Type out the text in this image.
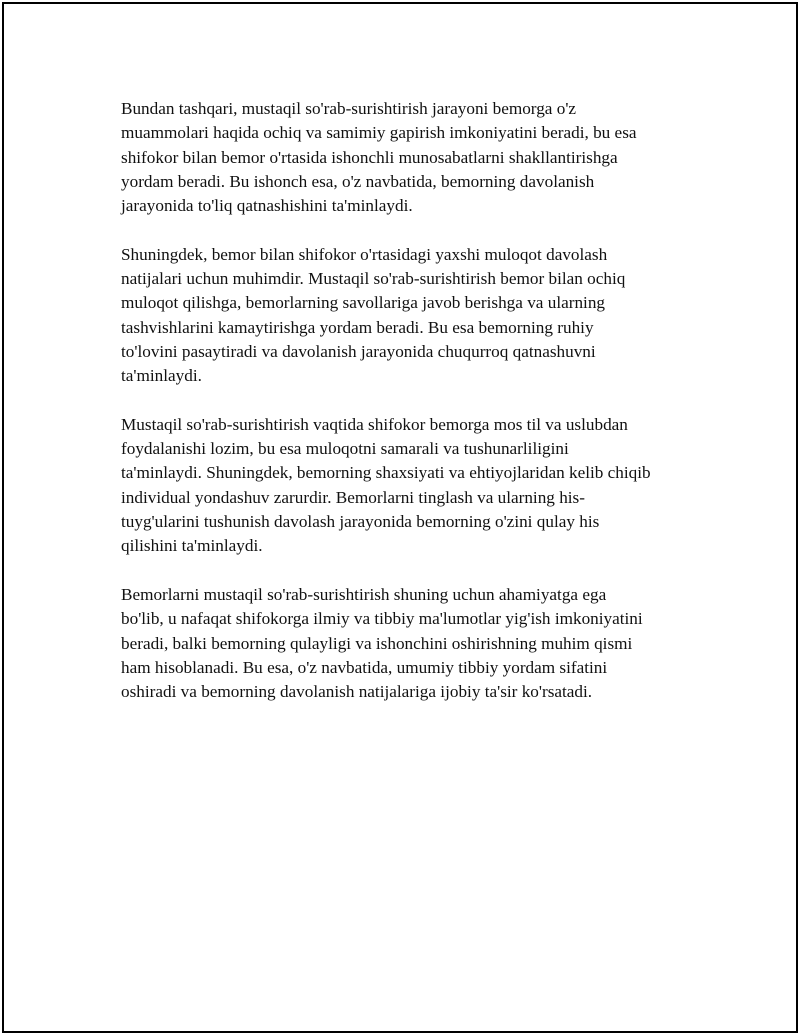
Bundan tashqari, mustaqil so'rab-surishtirish jarayoni bemorga o'z
muammolari haqida ochiq va samimiy gapirish imkoniyatini beradi, bu esa
shifokor bilan bemor o'rtasida ishonchli munosabatlarni shakllantirishga
yordam beradi. Bu ishonch esa, o'z navbatida, bemorning davolanish
jarayonida to'liq qatnashishini ta'minlaydi.

Shuningdek, bemor bilan shifokor o'rtasidagi yaxshi muloqot davolash
natijalari uchun muhimdir. Mustaqil so'rab-surishtirish bemor bilan ochiq
muloqot qilishga, bemorlarning savollariga javob berishga va ularning
tashvishlarini kamaytirishga yordam beradi. Bu esa bemorning ruhiy
to'lovini pasaytiradi va davolanish jarayonida chuqurroq qatnashuvni
ta'minlaydi.

Mustaqil so'rab-surishtirish vaqtida shifokor bemorga mos til va uslubdan
foydalanishi lozim, bu esa muloqotni samarali va tushunarliligini
ta'minlaydi. Shuningdek, bemorning shaxsiyati va ehtiyojlaridan kelib chiqib
individual yondashuv zarurdir. Bemorlarni tinglash va ularning his-
tuyg'ularini tushunish davolash jarayonida bemorning o'zini qulay his
qilishini ta'minlaydi.

Bemorlarni mustaqil so'rab-surishtirish shuning uchun ahamiyatga ega
bo'lib, u nafaqat shifokorga ilmiy va tibbiy ma'lumotlar yig'ish imkoniyatini
beradi, balki bemorning qulayligi va ishonchini oshirishning muhim qismi
ham hisoblanadi. Bu esa, o'z navbatida, umumiy tibbiy yordam sifatini
oshiradi va bemorning davolanish natijalariga ijobiy ta'sir ko'rsatadi.
